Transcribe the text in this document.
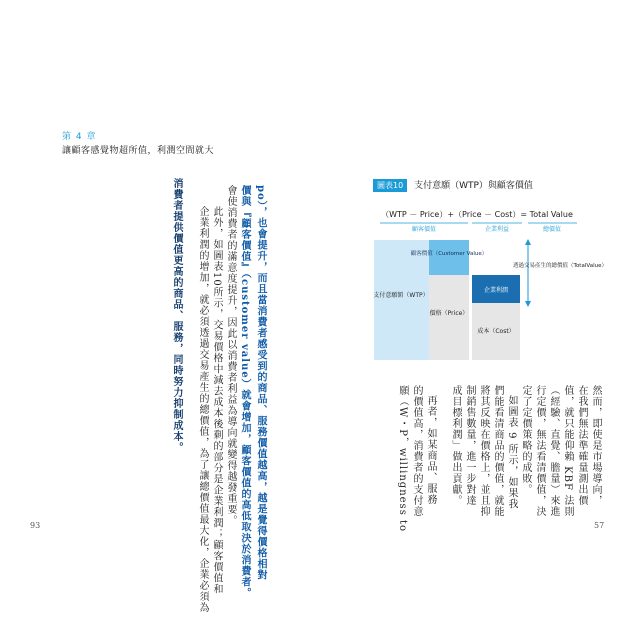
第 4 章
讓顧客感覺物超所值，利潤空間就大
消費者提供價值更高的商品、服務，同時努力抑制成本。 企業利潤的增加，就必須透過交易產生的總價值，為了讓總價值最大化，企業必須為 此外，如圖表10所示，交易價格中減去成本後剩的部分是企業利潤；顧客價值和 會使消費者的滿意度提升，因此以消費者利益為導向就變得越發重要。 價與『顧客價值』（customer value）就會增加，顧客價值的高低取決於消費者。 po），也會提升，而且當消費者感受到的商品、服務價值越高，越是覺得價格相對
93
圖表10 支付意願（WTP）與顧客價值
（WTP － Price）+（Price － Cost）= Total Value
顧客價值	企業利益	總價值
支付意願額（WTP）
顧客價值（Customer Value）
價格（Price）
企業利潤
成本（Cost）
透過交易產生的總價值（TotalValue）
然而，即使是市場導向，
在我們無法準確量測出價
值，就只能仰賴 KBF 法則
（經驗、直覺、膽量）來進
行定價，無法看清價值，決
定了定價策略的成敗。
如圖表 9 所示，如果我
們能看清商品的價值，就能
將其反映在價格上，並且抑
制銷售數量，進一步對達
成目標利潤」做出貢獻。
再者，如某商品、服務
的價值高，消費者的支付意
願（W・P，willingness to	57
